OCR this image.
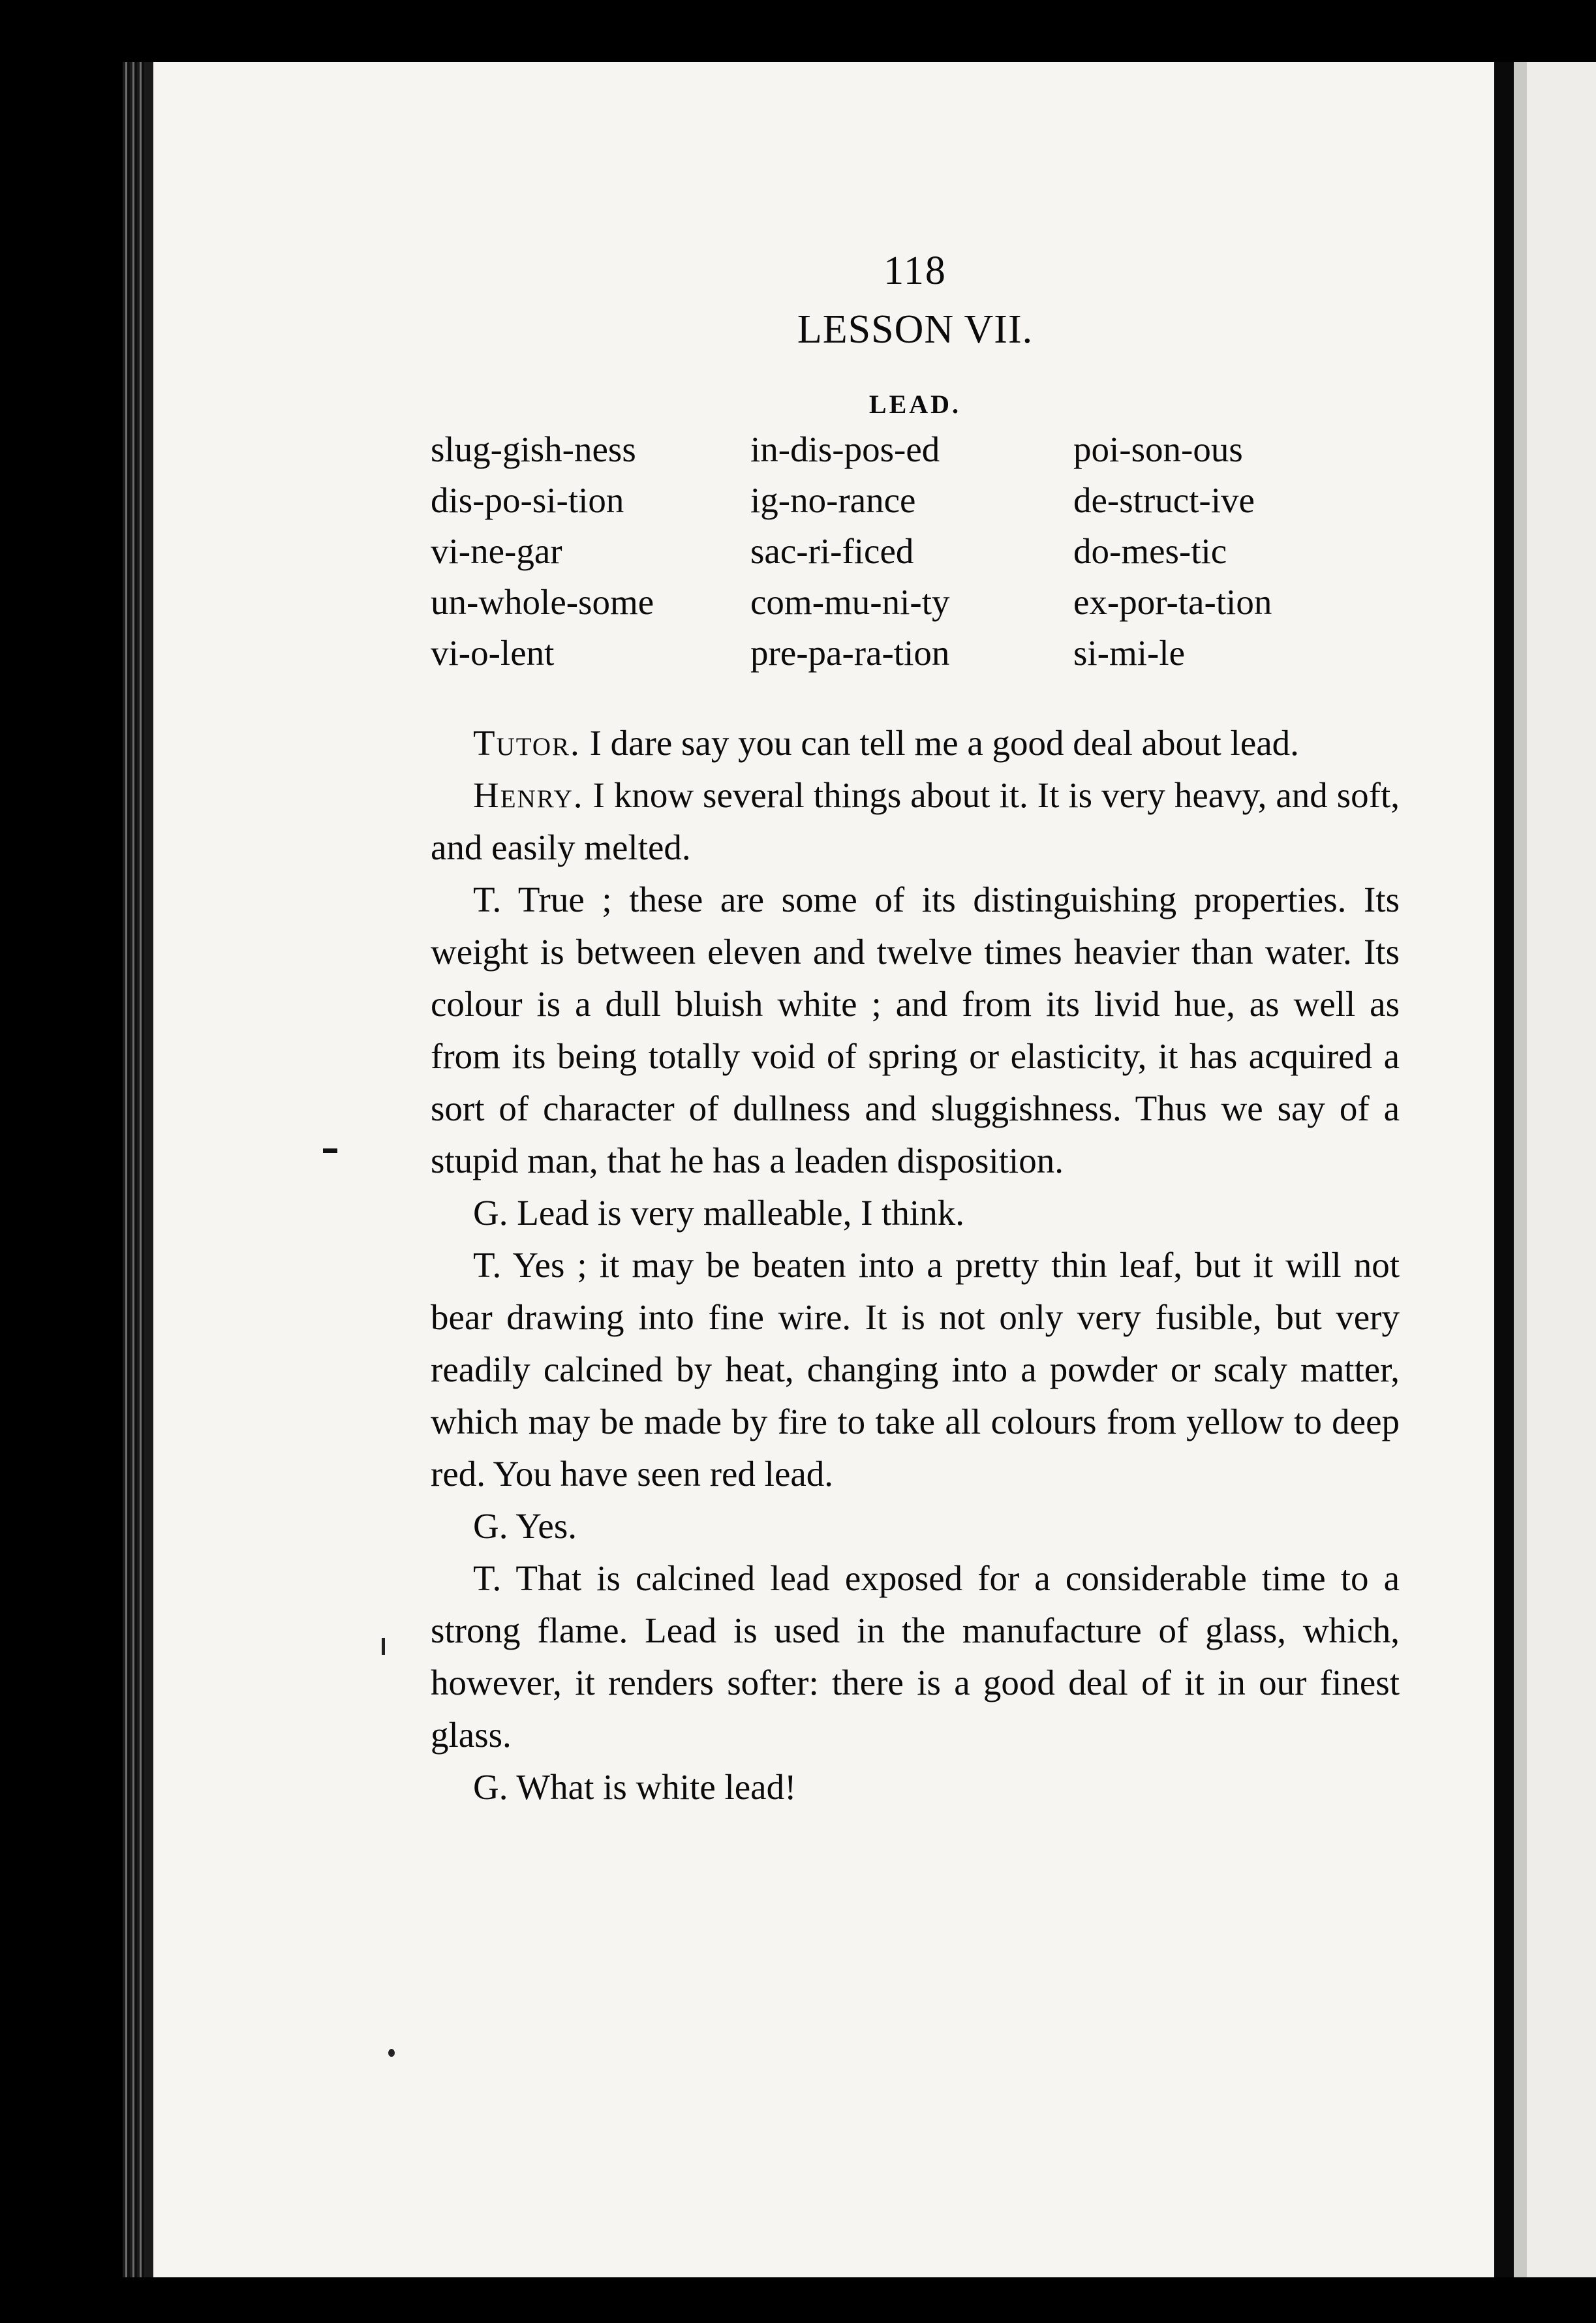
118
LESSON VII.
LEAD.
slug-gish-ness	in-dis-pos-ed	poi-son-ous
dis-po-si-tion	ig-no-rance	de-struct-ive
vi-ne-gar	sac-ri-ficed	do-mes-tic
un-whole-some	com-mu-ni-ty	ex-por-ta-tion
vi-o-lent	pre-pa-ra-tion	si-mi-le

Tutor. I dare say you can tell me a good deal about lead.

Henry. I know several things about it. It is very heavy, and soft, and easily melted.

T. True ; these are some of its distinguishing properties. Its weight is between eleven and twelve times heavier than water. Its colour is a dull bluish white ; and from its livid hue, as well as from its being totally void of spring or elasticity, it has acquired a sort of character of dullness and sluggishness. Thus we say of a stupid man, that he has a leaden disposition.

G. Lead is very malleable, I think.

T. Yes ; it may be beaten into a pretty thin leaf, but it will not bear drawing into fine wire. It is not only very fusible, but very readily calcined by heat, changing into a powder or scaly matter, which may be made by fire to take all colours from yellow to deep red. You have seen red lead.

G. Yes.

T. That is calcined lead exposed for a considerable time to a strong flame. Lead is used in the manufacture of glass, which, however, it renders softer: there is a good deal of it in our finest glass.

G. What is white lead!
